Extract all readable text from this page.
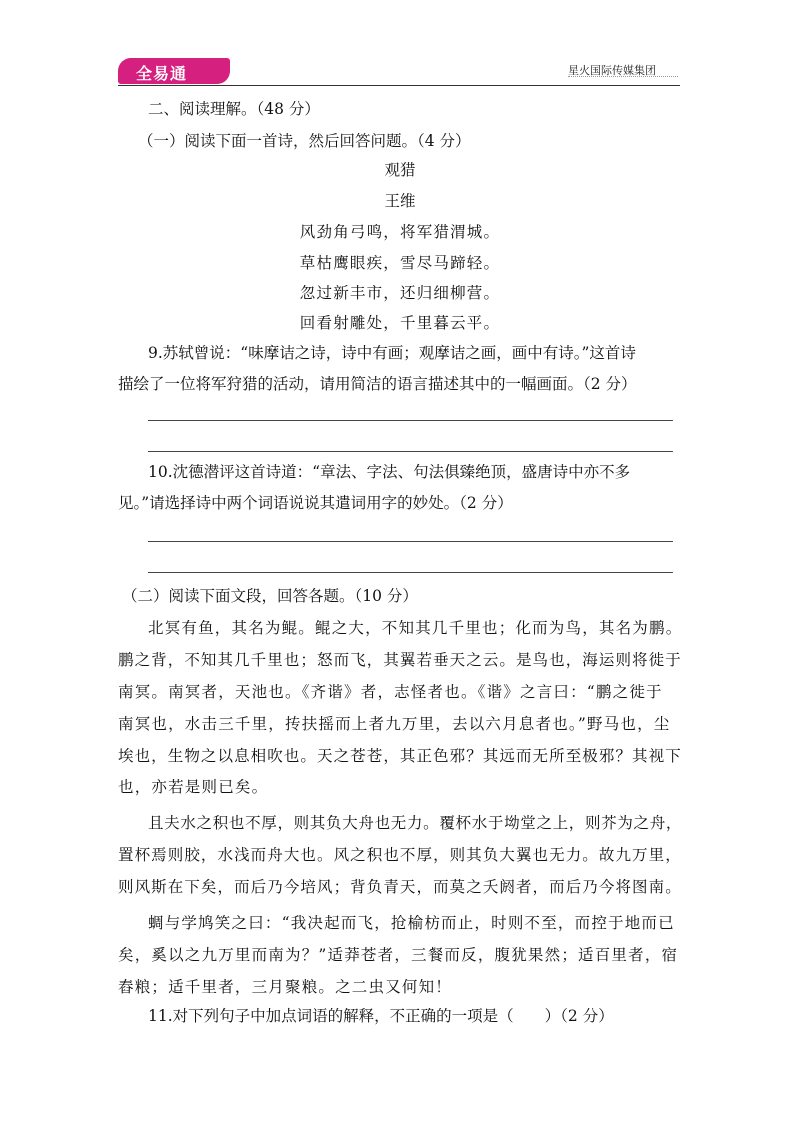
全易通	星火国际传媒集团
二、阅读理解。（48 分）
（一）阅读下面一首诗，然后回答问题。（4 分）
观猎
王维
风劲角弓鸣，将军猎渭城。
草枯鹰眼疾，雪尽马蹄轻。
忽过新丰市，还归细柳营。
回看射雕处，千里暮云平。
9.苏轼曾说：“味摩诘之诗，诗中有画；观摩诘之画，画中有诗。”这首诗
描绘了一位将军狩猎的活动，请用简洁的语言描述其中的一幅画面。（2 分）
10.沈德潜评这首诗道：“章法、字法、句法俱臻绝顶，盛唐诗中亦不多
见。”请选择诗中两个词语说说其遣词用字的妙处。（2 分）
（二）阅读下面文段，回答各题。（10 分）
北冥有鱼，其名为鲲。鲲之大，不知其几千里也；化而为鸟，其名为鹏。
鹏之背，不知其几千里也；怒而飞，其翼若垂天之云。是鸟也，海运则将徙于
南冥。南冥者，天池也。《齐谐》者，志怪者也。《谐》之言曰：“鹏之徙于
南冥也，水击三千里，抟扶摇而上者九万里，去以六月息者也。”野马也，尘
埃也，生物之以息相吹也。天之苍苍，其正色邪？其远而无所至极邪？其视下
也，亦若是则已矣。
且夫水之积也不厚，则其负大舟也无力。覆杯水于坳堂之上，则芥为之舟，
置杯焉则胶，水浅而舟大也。风之积也不厚，则其负大翼也无力。故九万里，
则风斯在下矣，而后乃今培风；背负青天，而莫之夭阏者，而后乃今将图南。
蜩与学鸠笑之曰：“我决起而飞，抢榆枋而止，时则不至，而控于地而已
矣，奚以之九万里而南为？”适莽苍者，三餐而反，腹犹果然；适百里者，宿
舂粮；适千里者，三月聚粮。之二虫又何知！
11.对下列句子中加点词语的解释，不正确的一项是（　　）（2 分）
